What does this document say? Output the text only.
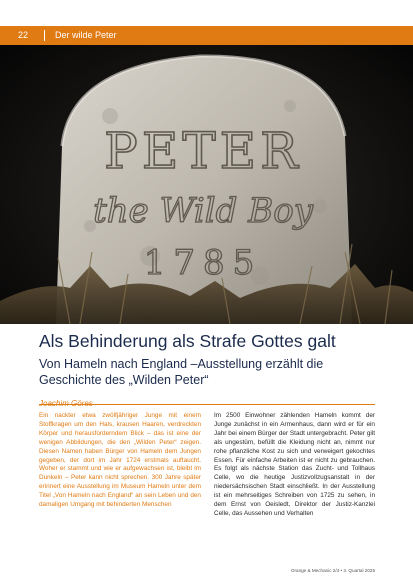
PETER
the Wild Boy
1785
22	Der wilde Peter
Als Behinderung als Strafe Gottes galt

Von Hameln nach England –Ausstellung erzählt die Geschichte des „Wilden Peter“

Ein nackter etwa zwölfjähriger Junge mit einem Stoffkragen um den Hals, krausen Haaren, verdreckten Körper und herausforderndem Blick – das ist eine der wenigen Abbildungen, die den „Wilden Peter“ zeigen. Diesen Namen haben Bürger von Hameln dem Jungen gegeben, der dort im Jahr 1724 erstmals auftaucht. Woher er stammt und wie er aufgewachsen ist, bleibt im Dunkeln – Peter kann nicht sprechen. 300 Jahre später erinnert eine Ausstellung im Museum Hameln unter dem Titel „Von Hameln nach England“ an sein Leben und den damaligen Umgang mit behinderten Menschen

Im 2500 Einwohner zählenden Hameln kommt der Junge zunächst in ein Armenhaus, dann wird er für ein Jahr bei einem Bürger der Stadt untergebracht. Peter gilt als ungestüm, befüllt die Kleidung nicht an, nimmt nur rohe pflanzliche Kost zu sich und verweigert gekochtes Essen. Für einfache Arbeiten ist er nicht zu gebrauchen. Es folgt als nächste Station das Zucht- und Tollhaus Celle, wo die heutige Justizvollzugsanstalt in der niedersächsischen Stadt einschließt. In der Ausstellung ist ein mehrseitiges Schreiben von 1725 zu sehen, in dem Ernst von Oeisledt, Direktor der Justiz-Kanzlei Celle, das Aussehen und Verhalten

Orange & Mechanic 2/4 • 3. Quartal 2025
